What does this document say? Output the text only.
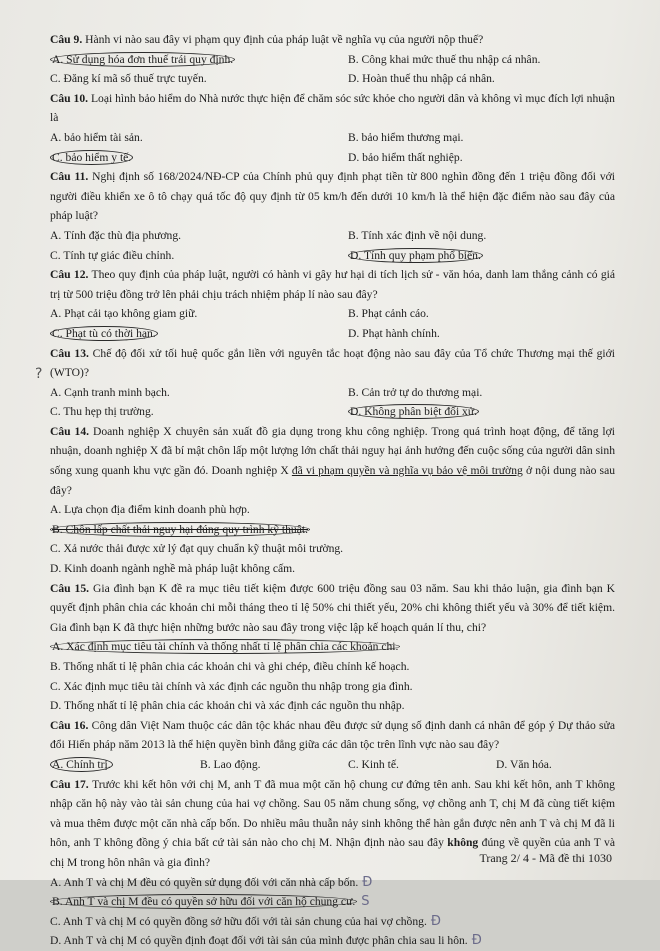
?

Câu 9. Hành vi nào sau đây vi phạm quy định của pháp luật về nghĩa vụ của người nộp thuế?

A. Sử dụng hóa đơn thuế trái quy định.	B. Công khai mức thuế thu nhập cá nhân.
C. Đăng kí mã số thuế trực tuyến.	D. Hoàn thuế thu nhập cá nhân.

Câu 10. Loại hình bảo hiểm do Nhà nước thực hiện để chăm sóc sức khỏe cho người dân và không vì mục đích lợi nhuận là

A. bảo hiểm tài sản.	B. bảo hiểm thương mại.
C. bảo hiểm y tế.	D. bảo hiểm thất nghiệp.

Câu 11. Nghị định số 168/2024/NĐ-CP của Chính phủ quy định phạt tiền từ 800 nghìn đồng đến 1 triệu đồng đối với người điều khiển xe ô tô chạy quá tốc độ quy định từ 05 km/h đến dưới 10 km/h là thể hiện đặc điểm nào sau đây của pháp luật?

A. Tính đặc thù địa phương.	B. Tính xác định về nội dung.
C. Tính tự giác điều chỉnh.	D. Tính quy phạm phổ biến.

Câu 12. Theo quy định của pháp luật, người có hành vi gây hư hại di tích lịch sử - văn hóa, danh lam thắng cảnh có giá trị từ 500 triệu đồng trở lên phải chịu trách nhiệm pháp lí nào sau đây?

A. Phạt cải tạo không giam giữ.	B. Phạt cảnh cáo.
C. Phạt tù có thời hạn.	D. Phạt hành chính.

Câu 13. Chế độ đối xử tối huệ quốc gắn liền với nguyên tắc hoạt động nào sau đây của Tổ chức Thương mại thế giới (WTO)?

A. Cạnh tranh minh bạch.	B. Cản trở tự do thương mại.
C. Thu hẹp thị trường.	D. Không phân biệt đối xử.

Câu 14. Doanh nghiệp X chuyên sản xuất đồ gia dụng trong khu công nghiệp. Trong quá trình hoạt động, để tăng lợi nhuận, doanh nghiệp X đã bí mật chôn lấp một lượng lớn chất thải nguy hại ảnh hưởng đến cuộc sống của người dân sinh sống xung quanh khu vực gần đó. Doanh nghiệp X đã vi phạm quyền và nghĩa vụ bảo vệ môi trường ở nội dung nào sau đây?

A. Lựa chọn địa điểm kinh doanh phù hợp.
B. Chôn lấp chất thải nguy hại đúng quy trình kỹ thuật.
C. Xả nước thải được xử lý đạt quy chuẩn kỹ thuật môi trường.
D. Kinh doanh ngành nghề mà pháp luật không cấm.

Câu 15. Gia đình bạn K đề ra mục tiêu tiết kiệm được 600 triệu đồng sau 03 năm. Sau khi thảo luận, gia đình bạn K quyết định phân chia các khoản chi mỗi tháng theo tỉ lệ 50% chi thiết yếu, 20% chi không thiết yếu và 30% để tiết kiệm. Gia đình bạn K đã thực hiện những bước nào sau đây trong việc lập kế hoạch quản lí thu, chi?

A. Xác định mục tiêu tài chính và thống nhất tỉ lệ phân chia các khoản chi.
B. Thống nhất tỉ lệ phân chia các khoản chi và ghi chép, điều chỉnh kế hoạch.
C. Xác định mục tiêu tài chính và xác định các nguồn thu nhập trong gia đình.
D. Thống nhất tỉ lệ phân chia các khoản chi và xác định các nguồn thu nhập.

Câu 16. Công dân Việt Nam thuộc các dân tộc khác nhau đều được sử dụng số định danh cá nhân để góp ý Dự thảo sửa đổi Hiến pháp năm 2013 là thể hiện quyền bình đẳng giữa các dân tộc trên lĩnh vực nào sau đây?

A. Chính trị.	B. Lao động.	C. Kinh tế.	D. Văn hóa.

Câu 17. Trước khi kết hôn với chị M, anh T đã mua một căn hộ chung cư đứng tên anh. Sau khi kết hôn, anh T không nhập căn hộ này vào tài sản chung của hai vợ chồng. Sau 05 năm chung sống, vợ chồng anh T, chị M đã cùng tiết kiệm và mua thêm được một căn nhà cấp bốn. Do nhiều mâu thuẫn nảy sinh không thể hàn gắn được nên anh T và chị M đã li hôn, anh T không đồng ý chia bất cứ tài sản nào cho chị M. Nhận định nào sau đây không đúng về quyền của anh T và chị M trong hôn nhân và gia đình?

A. Anh T và chị M đều có quyền sử dụng đối với căn nhà cấp bốn. Đ
B. Anh T và chị M đều có quyền sở hữu đối với căn hộ chung cư. S
C. Anh T và chị M có quyền đồng sở hữu đối với tài sản chung của hai vợ chồng. Đ
D. Anh T và chị M có quyền định đoạt đối với tài sản của mình được phân chia sau li hôn. Đ
Trang 2/ 4 - Mã đề thi 1030
